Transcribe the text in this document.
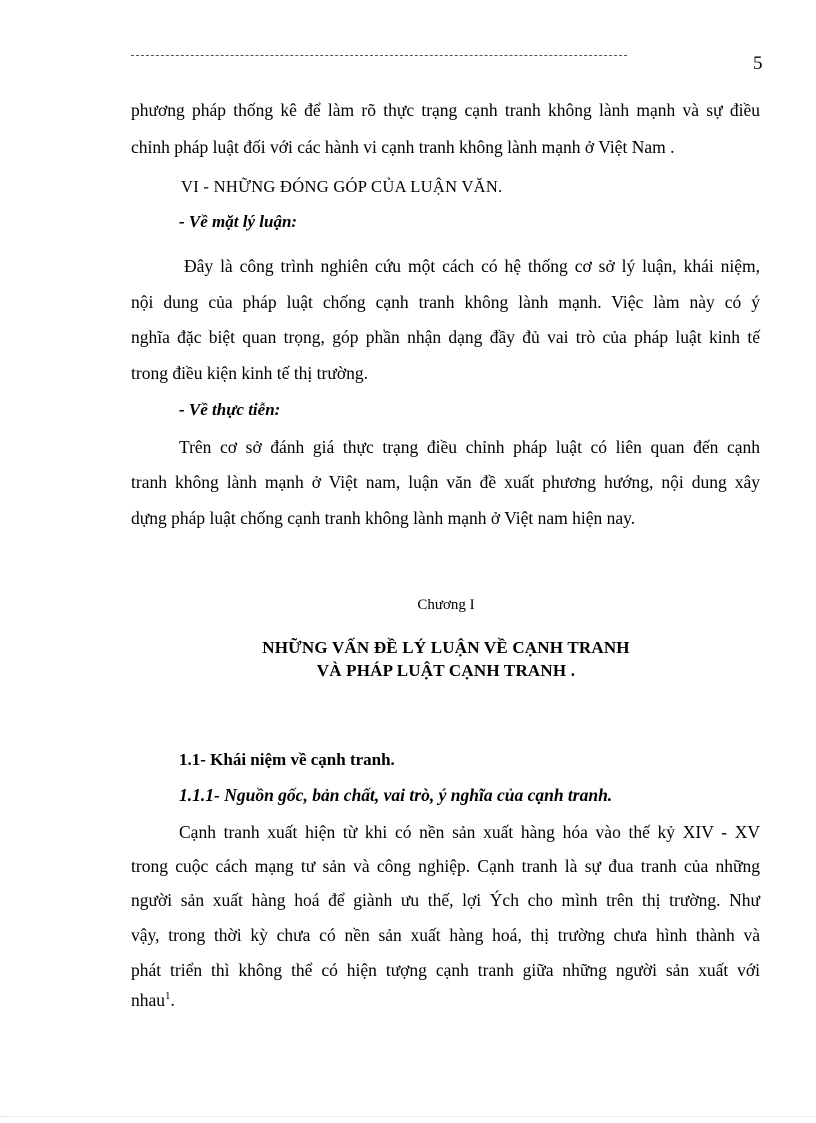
5
phương pháp thống kê để làm rõ thực trạng cạnh tranh không lành mạnh và sự điều
chỉnh pháp luật đối với các hành vi cạnh tranh không lành mạnh ở Việt Nam .
VI - NHỮNG ĐÓNG GÓP CỦA LUẬN VĂN.
- Về mặt lý luận:
Đây là công trình nghiên cứu một cách có hệ thống cơ sở lý luận, khái niệm,
nội dung của pháp luật chống cạnh tranh không lành mạnh. Việc làm này có ý
nghĩa đặc biệt quan trọng, góp phần nhận dạng đầy đủ vai trò của pháp luật kinh tế
trong điều kiện kinh tế thị trường.
- Về thực tiễn:
Trên cơ sở đánh giá thực trạng điều chỉnh pháp luật có liên quan đến cạnh
tranh không lành mạnh ở Việt nam, luận văn đề xuất phương hướng, nội dung xây
dựng pháp luật chống cạnh tranh không lành mạnh ở Việt nam hiện nay.
Chương I
NHỮNG VẤN ĐỀ LÝ LUẬN VỀ CẠNH TRANH
VÀ PHÁP LUẬT CẠNH TRANH .
1.1- Khái niệm về cạnh tranh.
1.1.1- Nguồn gốc, bản chất, vai trò, ý nghĩa của cạnh tranh.
Cạnh tranh xuất hiện từ khi có nền sản xuất hàng hóa vào thế kỷ XIV - XV
trong cuộc cách mạng tư sản và công nghiệp. Cạnh tranh là sự đua tranh của những
người sản xuất hàng hoá để giành ưu thế, lợi Ých cho mình trên thị trường. Như
vậy, trong thời kỳ chưa có nền sản xuất hàng hoá, thị trường chưa hình thành và
phát triển thì không thể có hiện tượng cạnh tranh giữa những người sản xuất với
nhau$^1$.
